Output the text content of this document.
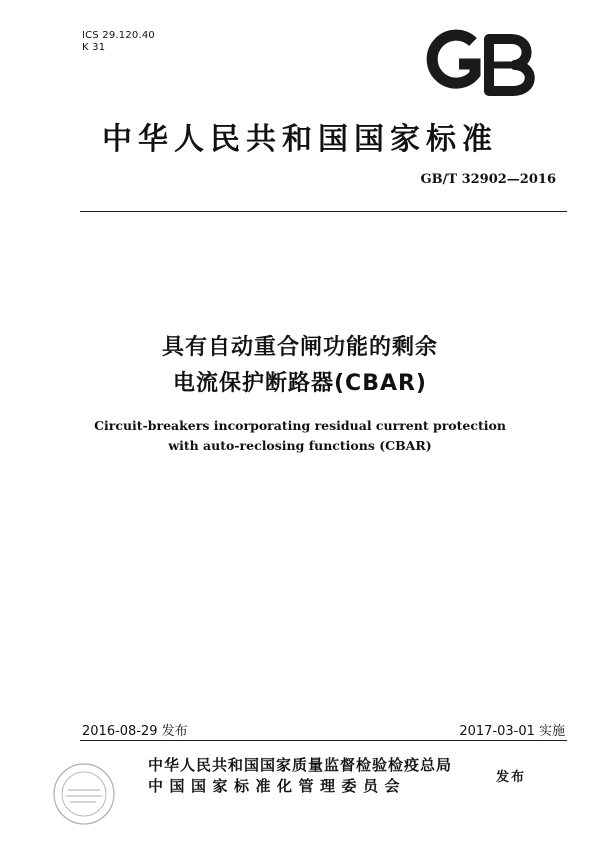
ICS 29.120.40
K 31
中华人民共和国国家标准
GB/T 32902—2016
具有自动重合闸功能的剩余
电流保护断路器(CBAR)
Circuit-breakers incorporating residual current protection
with auto-reclosing functions (CBAR)
2016-08-29 发布	2017-03-01 实施
中华人民共和国国家质量监督检验检疫总局
中国国家标准化管理委员会	发布
